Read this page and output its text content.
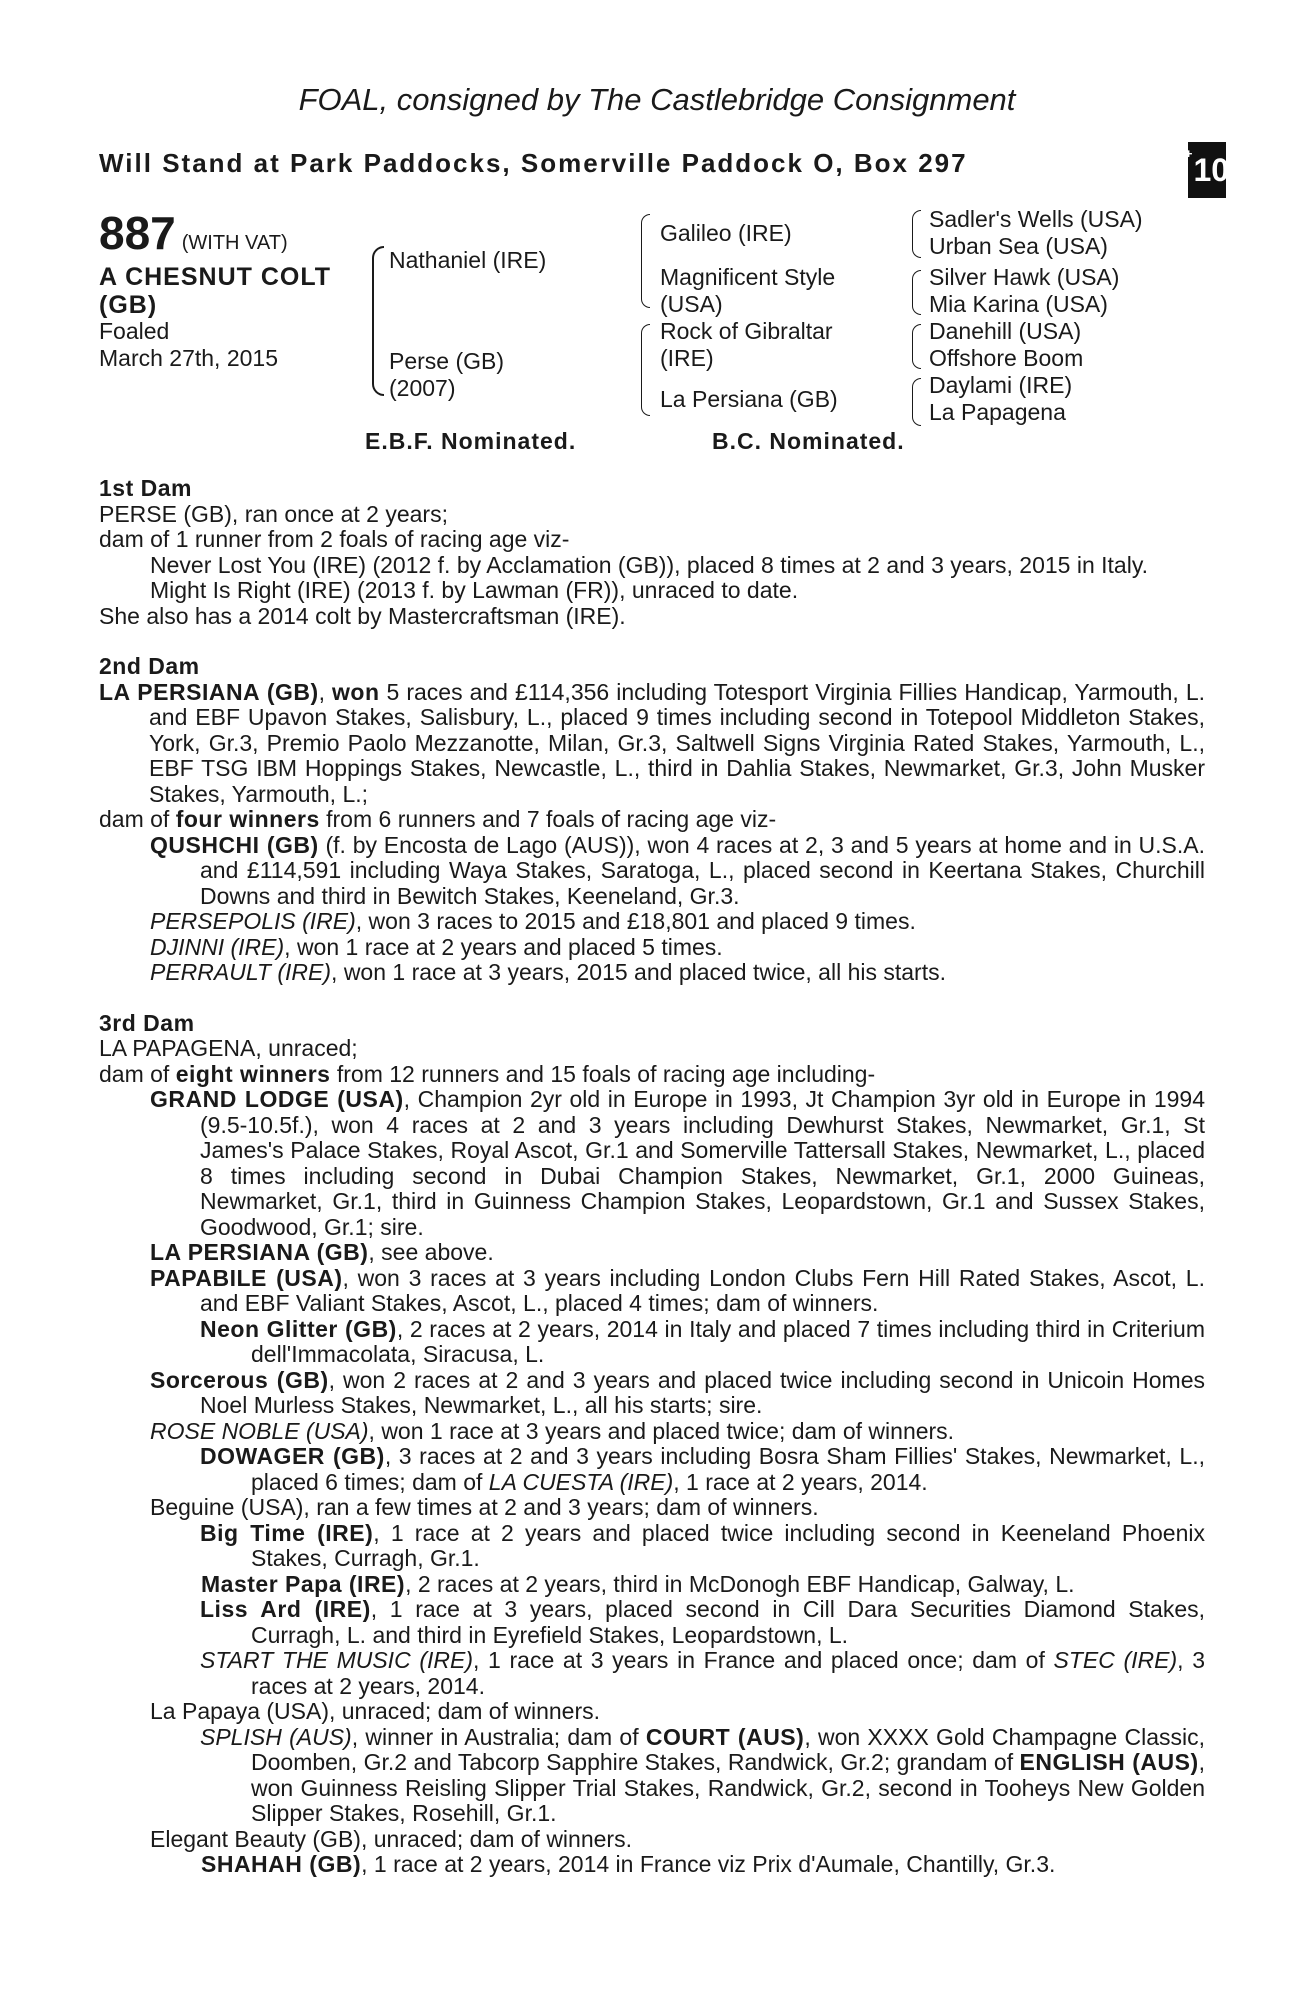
FOAL, consigned by The Castlebridge Consignment
Will Stand at Park Paddocks, Somerville Paddock O, Box 297	+ 10
887 (WITH VAT)
A CHESNUT COLT
(GB)
Foaled
March 27th, 2015
Nathaniel (IRE)
Perse (GB)
(2007)
Galileo (IRE)
Magnificent Style
(USA)
Rock of Gibraltar
(IRE)
La Persiana (GB)
Sadler's Wells (USA)
Urban Sea (USA)
Silver Hawk (USA)
Mia Karina (USA)
Danehill (USA)
Offshore Boom
Daylami (IRE)
La Papagena
E.B.F. Nominated.	B.C. Nominated.
1st Dam
PERSE (GB), ran once at 2 years;
dam of 1 runner from 2 foals of racing age viz-
Never Lost You (IRE) (2012 f. by Acclamation (GB)), placed 8 times at 2 and 3 years, 2015 in Italy.
Might Is Right (IRE) (2013 f. by Lawman (FR)), unraced to date.
She also has a 2014 colt by Mastercraftsman (IRE).
2nd Dam
LA PERSIANA (GB), won 5 races and £114,356 including Totesport Virginia Fillies Handicap, Yarmouth, L. and EBF Upavon Stakes, Salisbury, L., placed 9 times including second in Totepool Middleton Stakes, York, Gr.3, Premio Paolo Mezzanotte, Milan, Gr.3, Saltwell Signs Virginia Rated Stakes, Yarmouth, L., EBF TSG IBM Hoppings Stakes, Newcastle, L., third in Dahlia Stakes, Newmarket, Gr.3, John Musker Stakes, Yarmouth, L.;
dam of four winners from 6 runners and 7 foals of racing age viz-
QUSHCHI (GB) (f. by Encosta de Lago (AUS)), won 4 races at 2, 3 and 5 years at home and in U.S.A. and £114,591 including Waya Stakes, Saratoga, L., placed second in Keertana Stakes, Churchill Downs and third in Bewitch Stakes, Keeneland, Gr.3.
PERSEPOLIS (IRE), won 3 races to 2015 and £18,801 and placed 9 times.
DJINNI (IRE), won 1 race at 2 years and placed 5 times.
PERRAULT (IRE), won 1 race at 3 years, 2015 and placed twice, all his starts.
3rd Dam
LA PAPAGENA, unraced;
dam of eight winners from 12 runners and 15 foals of racing age including-
GRAND LODGE (USA), Champion 2yr old in Europe in 1993, Jt Champion 3yr old in Europe in 1994 (9.5-10.5f.), won 4 races at 2 and 3 years including Dewhurst Stakes, Newmarket, Gr.1, St James's Palace Stakes, Royal Ascot, Gr.1 and Somerville Tattersall Stakes, Newmarket, L., placed 8 times including second in Dubai Champion Stakes, Newmarket, Gr.1, 2000 Guineas, Newmarket, Gr.1, third in Guinness Champion Stakes, Leopardstown, Gr.1 and Sussex Stakes, Goodwood, Gr.1; sire.
LA PERSIANA (GB), see above.
PAPABILE (USA), won 3 races at 3 years including London Clubs Fern Hill Rated Stakes, Ascot, L. and EBF Valiant Stakes, Ascot, L., placed 4 times; dam of winners.
Neon Glitter (GB), 2 races at 2 years, 2014 in Italy and placed 7 times including third in Criterium dell'Immacolata, Siracusa, L.
Sorcerous (GB), won 2 races at 2 and 3 years and placed twice including second in Unicoin Homes Noel Murless Stakes, Newmarket, L., all his starts; sire.
ROSE NOBLE (USA), won 1 race at 3 years and placed twice; dam of winners.
DOWAGER (GB), 3 races at 2 and 3 years including Bosra Sham Fillies' Stakes, Newmarket, L., placed 6 times; dam of LA CUESTA (IRE), 1 race at 2 years, 2014.
Beguine (USA), ran a few times at 2 and 3 years; dam of winners.
Big Time (IRE), 1 race at 2 years and placed twice including second in Keeneland Phoenix Stakes, Curragh, Gr.1.
Master Papa (IRE), 2 races at 2 years, third in McDonogh EBF Handicap, Galway, L.
Liss Ard (IRE), 1 race at 3 years, placed second in Cill Dara Securities Diamond Stakes, Curragh, L. and third in Eyrefield Stakes, Leopardstown, L.
START THE MUSIC (IRE), 1 race at 3 years in France and placed once; dam of STEC (IRE), 3 races at 2 years, 2014.
La Papaya (USA), unraced; dam of winners.
SPLISH (AUS), winner in Australia; dam of COURT (AUS), won XXXX Gold Champagne Classic, Doomben, Gr.2 and Tabcorp Sapphire Stakes, Randwick, Gr.2; grandam of ENGLISH (AUS), won Guinness Reisling Slipper Trial Stakes, Randwick, Gr.2, second in Tooheys New Golden Slipper Stakes, Rosehill, Gr.1.
Elegant Beauty (GB), unraced; dam of winners.
SHAHAH (GB), 1 race at 2 years, 2014 in France viz Prix d'Aumale, Chantilly, Gr.3.
